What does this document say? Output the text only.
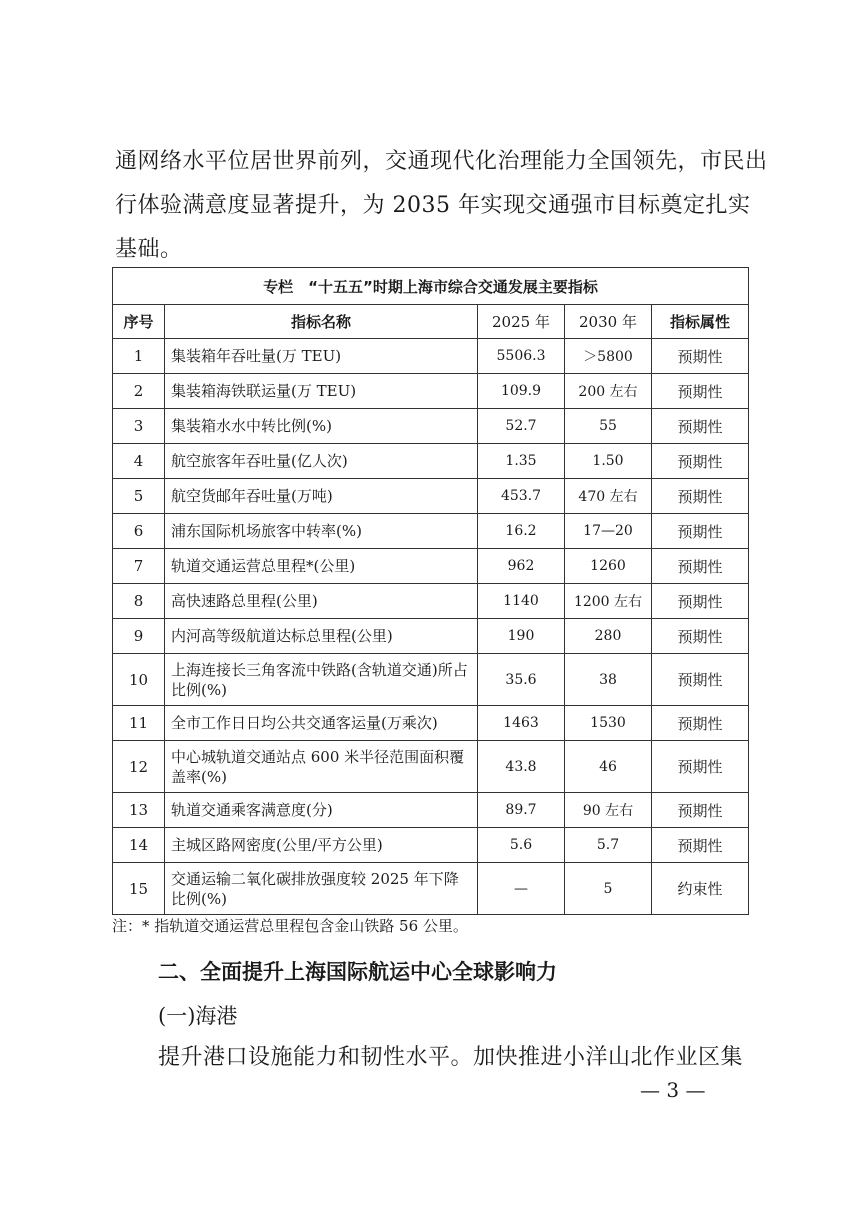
通网络水平位居世界前列，交通现代化治理能力全国领先，市民出
行体验满意度显著提升，为 2035 年实现交通强市目标奠定扎实
基础。
专栏　“十五五”时期上海市综合交通发展主要指标				
序号	指标名称	2025 年	2030 年	指标属性
1	集装箱年吞吐量(万 TEU)	5506.3	＞5800	预期性
2	集装箱海铁联运量(万 TEU)	109.9	200 左右	预期性
3	集装箱水水中转比例(%)	52.7	55	预期性
4	航空旅客年吞吐量(亿人次)	1.35	1.50	预期性
5	航空货邮年吞吐量(万吨)	453.7	470 左右	预期性
6	浦东国际机场旅客中转率(%)	16.2	17—20	预期性
7	轨道交通运营总里程*(公里)	962	1260	预期性
8	高快速路总里程(公里)	1140	1200 左右	预期性
9	内河高等级航道达标总里程(公里)	190	280	预期性
10	上海连接长三角客流中铁路(含轨道交通)所占比例(%)	35.6	38	预期性
11	全市工作日日均公共交通客运量(万乘次)	1463	1530	预期性
12	中心城轨道交通站点 600 米半径范围面积覆盖率(%)	43.8	46	预期性
13	轨道交通乘客满意度(分)	89.7	90 左右	预期性
14	主城区路网密度(公里/平方公里)	5.6	5.7	预期性
15	交通运输二氧化碳排放强度较 2025 年下降比例(%)	—	5	约束性

注：* 指轨道交通运营总里程包含金山铁路 56 公里。

二、全面提升上海国际航运中心全球影响力

(一)海港

提升港口设施能力和韧性水平。加快推进小洋山北作业区集

— 3 —
